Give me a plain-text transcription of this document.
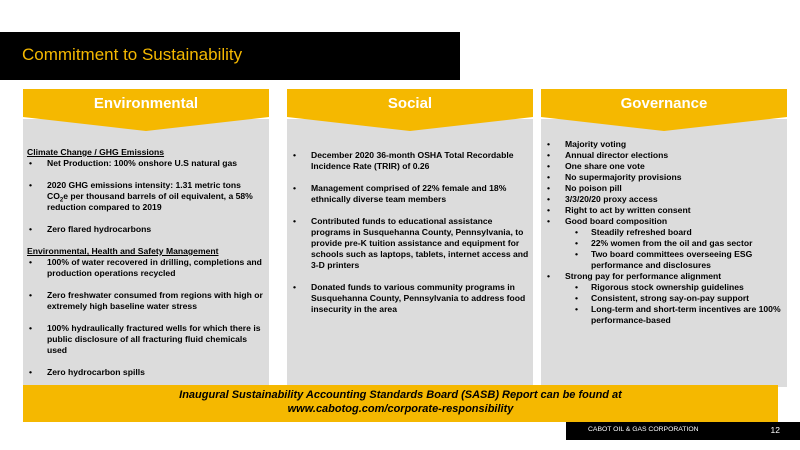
Commitment to Sustainability
Environmental
Climate Change / GHG Emissions
• Net Production: 100% onshore U.S natural gas
• 2020 GHG emissions intensity: 1.31 metric tons
$CO_2e$ per thousand barrels of oil equivalent, a 58% reduction compared to 2019
• Zero flared hydrocarbons
Environmental, Health and Safety Management
• 100% of water recovered in drilling, completions and production operations recycled
• Zero freshwater consumed from regions with high or extremely high baseline water stress
• 100% hydraulically fractured wells for which there is public disclosure of all fracturing fluid chemicals used
• Zero hydrocarbon spills
Social
• December 2020 36-month OSHA Total Recordable Incidence Rate (TRIR) of 0.26
• Management comprised of 22% female and 18% ethnically diverse team members
• Contributed funds to educational assistance programs in Susquehanna County, Pennsylvania, to provide pre-K tuition assistance and equipment for schools such as laptops, tablets, internet access and 3-D printers
• Donated funds to various community programs in Susquehanna County, Pennsylvania to address food insecurity in the area
Governance
• Majority voting
• Annual director elections
• One share one vote
• No supermajority provisions
• No poison pill
• 3/3/20/20 proxy access
• Right to act by written consent
• Good board composition
• Steadily refreshed board
• 22% women from the oil and gas sector
• Two board committees overseeing ESG performance and disclosures
• Strong pay for performance alignment
• Rigorous stock ownership guidelines
• Consistent, strong say-on-pay support
• Long-term and short-term incentives are 100% performance-based
Inaugural Sustainability Accounting Standards Board (SASB) Report can be found at
www.cabotog.com/corporate-responsibility
CABOT OIL & GAS CORPORATION	12
